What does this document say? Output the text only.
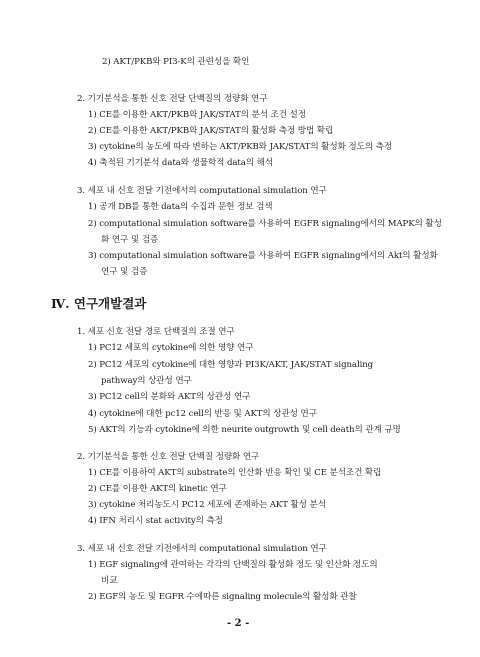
2) AKT/PKB와 PI3-K의 관련성을 확인
2. 기기분석을 통한 신호 전달 단백질의 정량화 연구
1) CE를 이용한 AKT/PKB와 JAK/STAT의 분석 조건 설정
2) CE를 이용한 AKT/PKB와 JAK/STAT의 활성화 측정 방법 확립
3) cytokine의 농도에 따라 변하는 AKT/PKB와 JAK/STAT의 활성화 정도의 측정
4) 축적된 기기분석 data와 생물학적 data의 해석
3. 세포 내 신호 전달 기전에서의 computational simulation 연구
1) 공개 DB를 통한 data의 수집과 문헌 정보 검색
2) computational simulation software를 사용하여 EGFR signaling에서의 MAPK의 활성
화 연구 및 검증
3) computational simulation software를 사용하여 EGFR signaling에서의 Akt의 활성화
연구 및 검증
Ⅳ. 연구개발결과
1. 세포 신호 전달 경로 단백질의 조절 연구
1) PC12 세포의 cytokine에 의한 영향 연구
2) PC12 세포의 cytokine에 대한 영향과 PI3K/AKT, JAK/STAT signaling
pathway의 상관성 연구
3) PC12 cell의 분화와 AKT의 상관성 연구
4) cytokine에 대한 pc12 cell의 반응 및 AKT의 상관성 연구
5) AKT의 기능과 cytokine에 의한 neurite outgrowth 및 cell death의 관계 규명
2. 기기분석을 통한 신호 전달 단백질 정량화 연구
1) CE를 이용하여 AKT의 substrate의 인산화 반응 확인 및 CE 분석조건 확립
2) CE를 이용한 AKT의 kinetic 연구
3) cytokine 처리농도시 PC12 세포에 존재하는 AKT 활성 분석
4) IFN 처리시 stat activity의 측정
3. 세포 내 신호 전달 기전에서의 computational simulation 연구
1) EGF signaling에 관여하는 각각의 단백질의 활성화 정도 및 인산화 정도의
비교
2) EGF의 농도 및 EGFR 수에따른 signaling molecule의 활성화 관찰
- 2 -
